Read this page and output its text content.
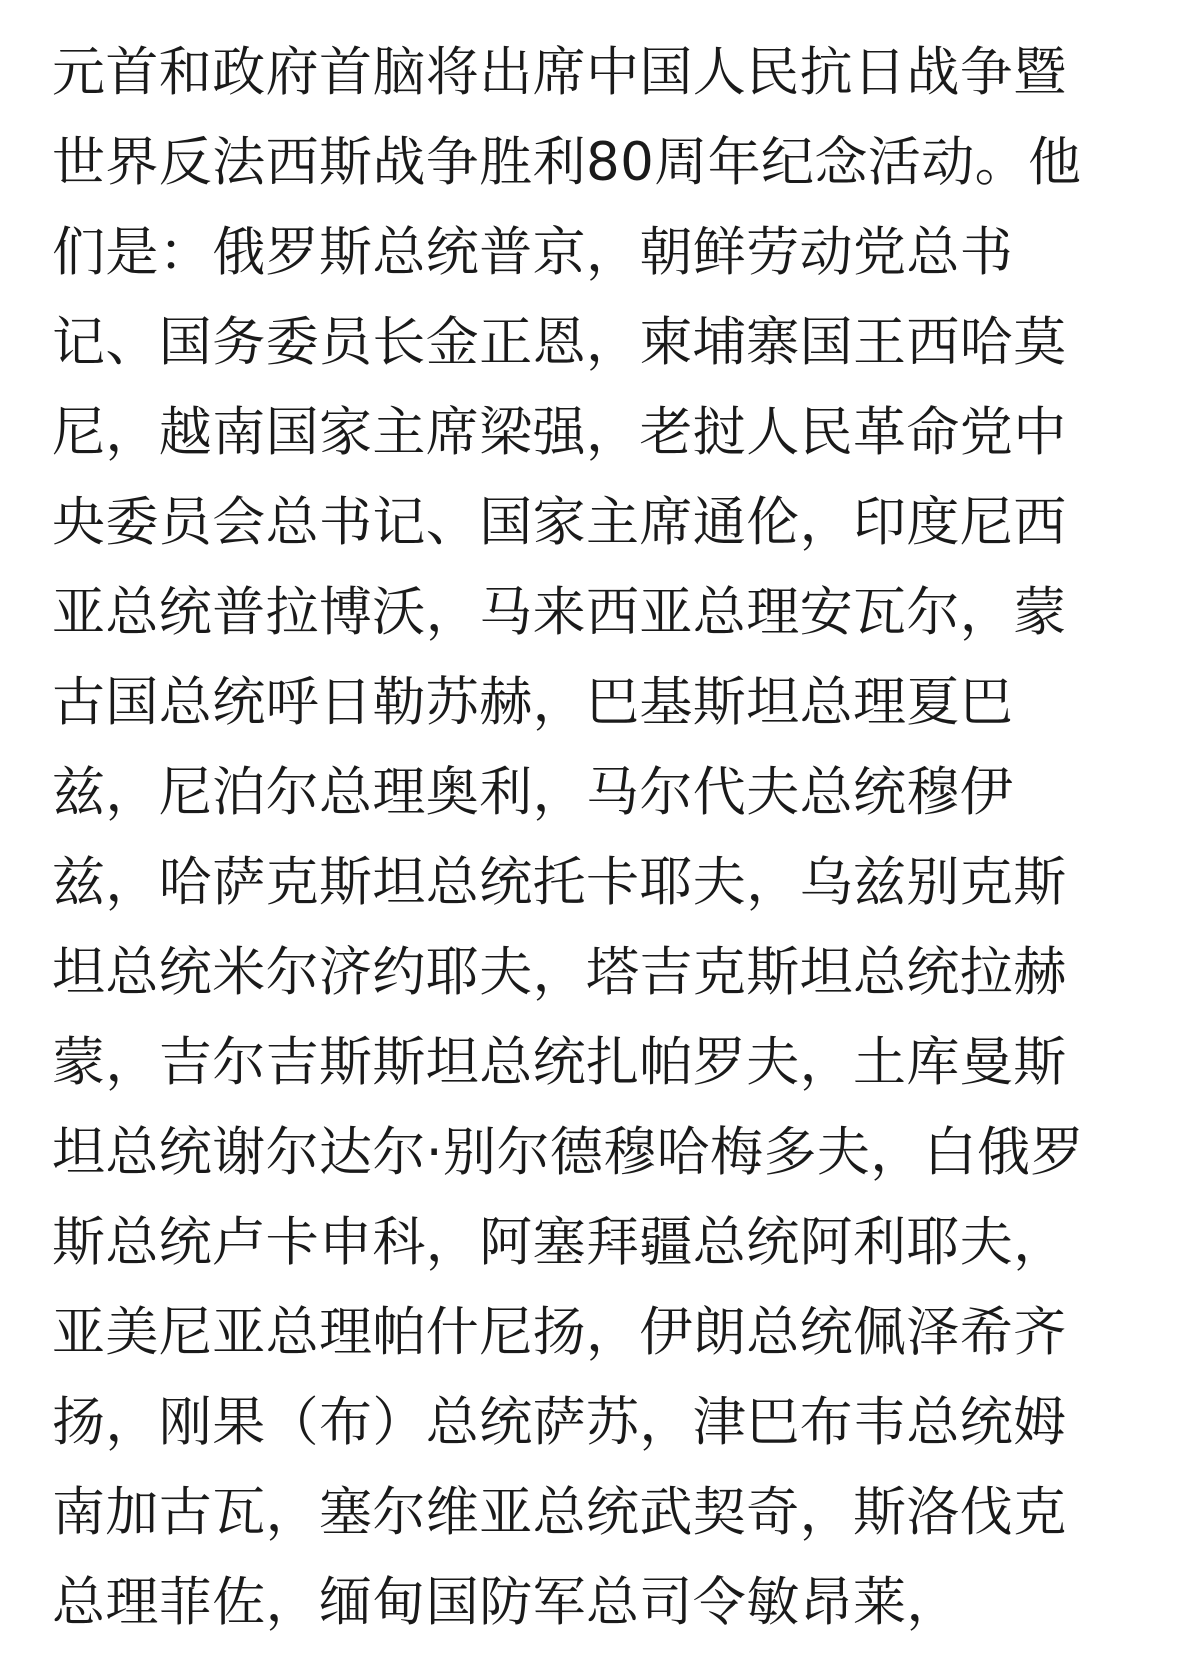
元首和政府首脑将出席中国人民抗日战争暨
世界反法西斯战争胜利80周年纪念活动。他
们是：俄罗斯总统普京，朝鲜劳动党总书
记、国务委员长金正恩，柬埔寨国王西哈莫
尼，越南国家主席梁强，老挝人民革命党中
央委员会总书记、国家主席通伦，印度尼西
亚总统普拉博沃，马来西亚总理安瓦尔，蒙
古国总统呼日勒苏赫，巴基斯坦总理夏巴
兹，尼泊尔总理奥利，马尔代夫总统穆伊
兹，哈萨克斯坦总统托卡耶夫，乌兹别克斯
坦总统米尔济约耶夫，塔吉克斯坦总统拉赫
蒙，吉尔吉斯斯坦总统扎帕罗夫，土库曼斯
坦总统谢尔达尔·别尔德穆哈梅多夫，白俄罗
斯总统卢卡申科，阿塞拜疆总统阿利耶夫，
亚美尼亚总理帕什尼扬，伊朗总统佩泽希齐
扬，刚果（布）总统萨苏，津巴布韦总统姆
南加古瓦，塞尔维亚总统武契奇，斯洛伐克
总理菲佐，缅甸国防军总司令敏昂莱，
